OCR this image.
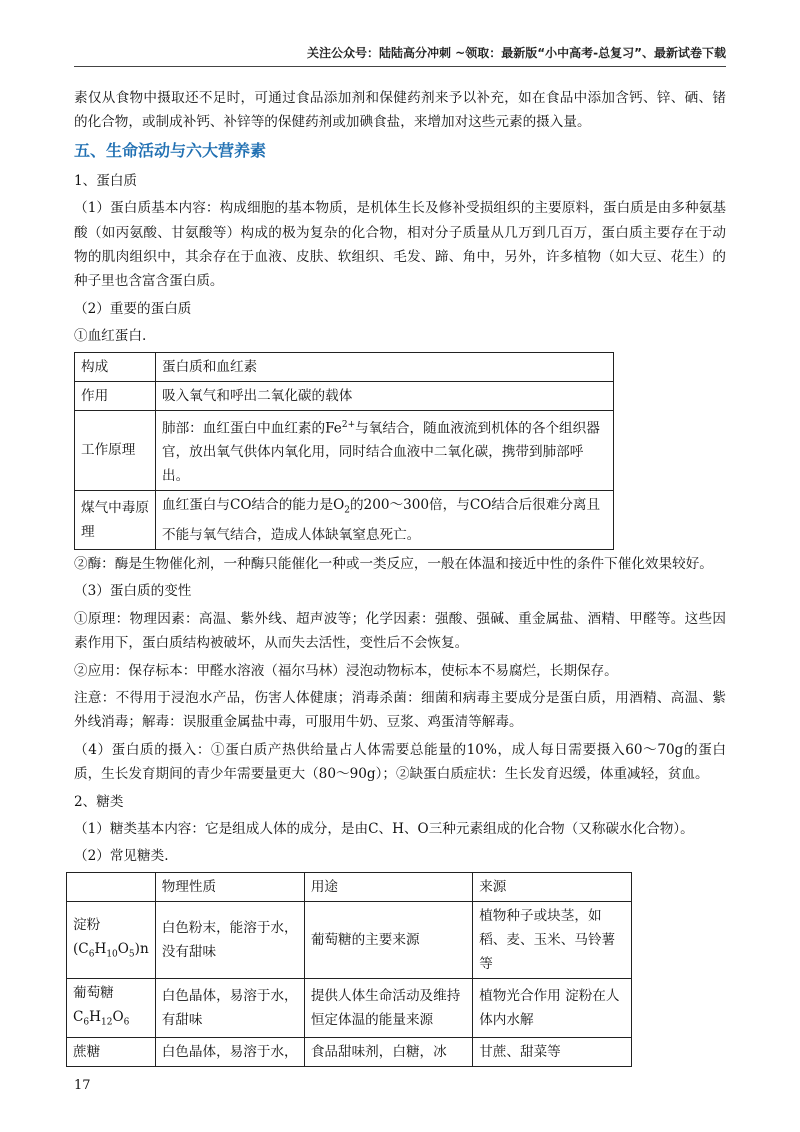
关注公众号：陆陆高分冲刺 ~领取：最新版“小中高考-总复习”、最新试卷下载

素仅从食物中摄取还不足时，可通过食品添加剂和保健药剂来予以补充，如在食品中添加含钙、锌、硒、锗的化合物，或制成补钙、补锌等的保健药剂或加碘食盐，来增加对这些元素的摄入量。

五、生命活动与六大营养素

1、蛋白质

（1）蛋白质基本内容：构成细胞的基本物质，是机体生长及修补受损组织的主要原料，蛋白质是由多种氨基酸（如丙氨酸、甘氨酸等）构成的极为复杂的化合物，相对分子质量从几万到几百万，蛋白质主要存在于动物的肌肉组织中，其余存在于血液、皮肤、软组织、毛发、蹄、角中，另外，许多植物（如大豆、花生）的种子里也含富含蛋白质。

（2）重要的蛋白质

①血红蛋白.

构成	蛋白质和血红素
作用	吸入氧气和呼出二氧化碳的载体
工作原理	肺部：血红蛋白中血红素的$Fe^{2+}$与氧结合，随血液流到机体的各个组织器官，放出氧气供体内氧化用，同时结合血液中二氧化碳，携带到肺部呼出。
煤气中毒原理	血红蛋白与CO结合的能力是$O_2$的200～300倍，与CO结合后很难分离且不能与氧气结合，造成人体缺氧窒息死亡。

②酶：酶是生物催化剂，一种酶只能催化一种或一类反应，一般在体温和接近中性的条件下催化效果较好。

（3）蛋白质的变性

①原理：物理因素：高温、紫外线、超声波等；化学因素：强酸、强碱、重金属盐、酒精、甲醛等。这些因素作用下，蛋白质结构被破坏，从而失去活性，变性后不会恢复。

②应用：保存标本：甲醛水溶液（福尔马林）浸泡动物标本，使标本不易腐烂，长期保存。

注意：不得用于浸泡水产品，伤害人体健康；消毒杀菌：细菌和病毒主要成分是蛋白质，用酒精、高温、紫外线消毒；解毒：误服重金属盐中毒，可服用牛奶、豆浆、鸡蛋清等解毒。

（4）蛋白质的摄入：①蛋白质产热供给量占人体需要总能量的10%，成人每日需要摄入60～70g的蛋白质，生长发育期间的青少年需要量更大（80～90g）；②缺蛋白质症状：生长发育迟缓，体重减轻，贫血。

2、糖类

（1）糖类基本内容：它是组成人体的成分，是由C、H、O三种元素组成的化合物（又称碳水化合物）。

（2）常见糖类.

	物理性质	用途	来源

淀粉
$(C_6H_{10}O_5)n$	白色粉末，能溶于水，没有甜味	葡萄糖的主要来源	植物种子或块茎，如稻、麦、玉米、马铃薯等

葡萄糖
$C_6H_{12}O_6$	白色晶体，易溶于水，有甜味	提供人体生命活动及维持恒定体温的能量来源	植物光合作用 淀粉在人体内水解

蔗糖	白色晶体，易溶于水，	食品甜味剂，白糖，冰	甘蔗、甜菜等
17
